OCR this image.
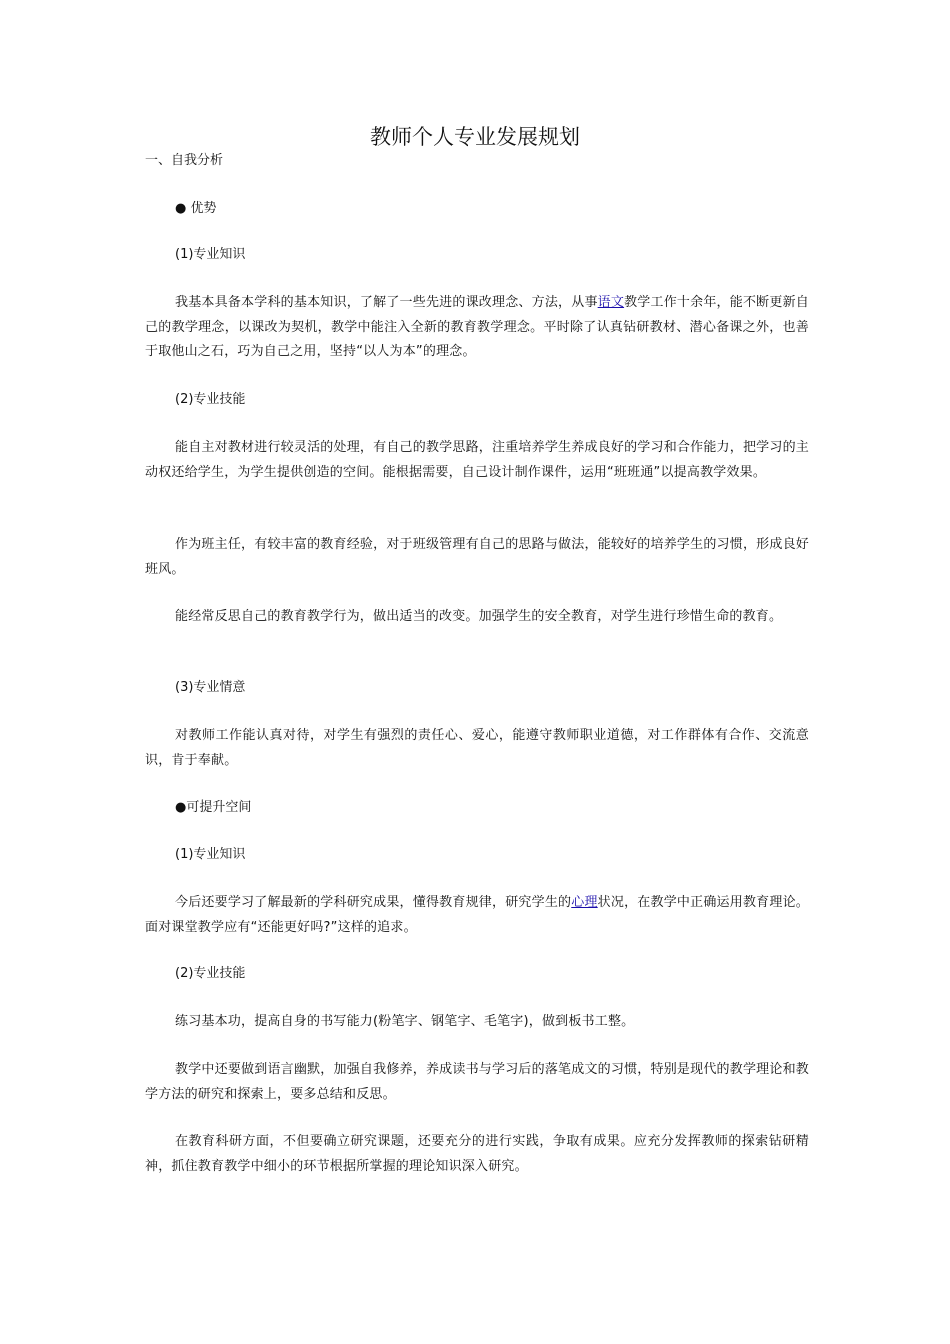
教师个人专业发展规划

一、自我分析

● 优势

(1)专业知识

我基本具备本学科的基本知识，了解了一些先进的课改理念、方法，从事语文教学工作十余年，能不断更新自己的教学理念，以课改为契机，教学中能注入全新的教育教学理念。平时除了认真钻研教材、潜心备课之外，也善于取他山之石，巧为自己之用，坚持“以人为本”的理念。

(2)专业技能

能自主对教材进行较灵活的处理，有自己的教学思路，注重培养学生养成良好的学习和合作能力，把学习的主动权还给学生，为学生提供创造的空间。能根据需要，自己设计制作课件，运用“班班通”以提高教学效果。

作为班主任，有较丰富的教育经验，对于班级管理有自己的思路与做法，能较好的培养学生的习惯，形成良好班风。

能经常反思自己的教育教学行为，做出适当的改变。加强学生的安全教育，对学生进行珍惜生命的教育。

(3)专业情意

对教师工作能认真对待，对学生有强烈的责任心、爱心，能遵守教师职业道德，对工作群体有合作、交流意识，肯于奉献。

●可提升空间

(1)专业知识

今后还要学习了解最新的学科研究成果，懂得教育规律，研究学生的心理状况，在教学中正确运用教育理论。面对课堂教学应有“还能更好吗?”这样的追求。

(2)专业技能

练习基本功，提高自身的书写能力(粉笔字、钢笔字、毛笔字)，做到板书工整。

教学中还要做到语言幽默，加强自我修养，养成读书与学习后的落笔成文的习惯，特别是现代的教学理论和教学方法的研究和探索上，要多总结和反思。

在教育科研方面，不但要确立研究课题，还要充分的进行实践，争取有成果。应充分发挥教师的探索钻研精神，抓住教育教学中细小的环节根据所掌握的理论知识深入研究。
